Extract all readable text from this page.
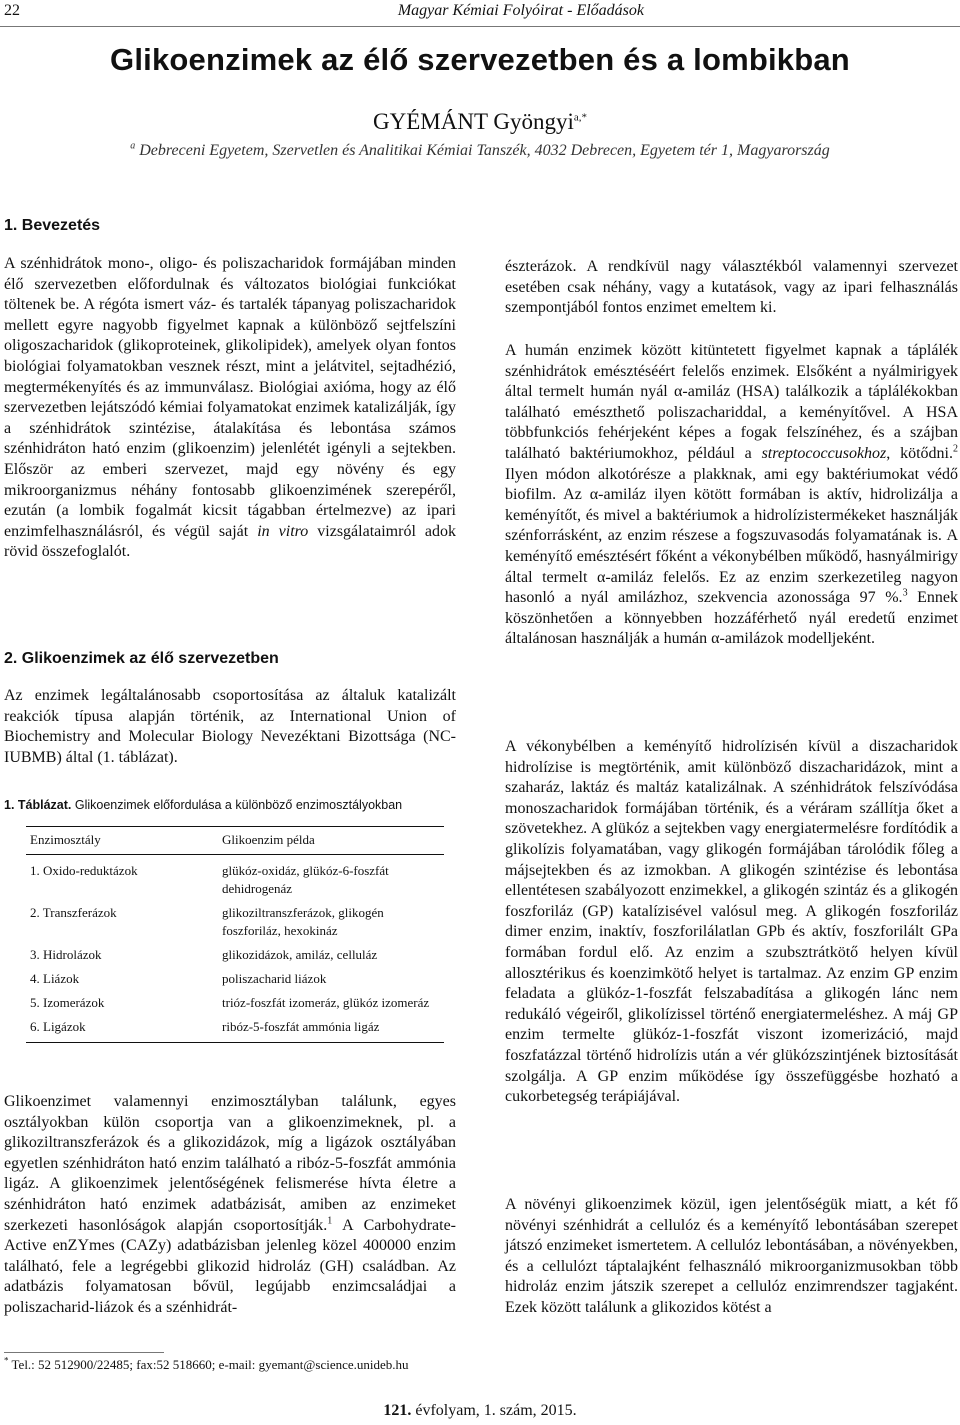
22	Magyar Kémiai Folyóirat - Előadások
Glikoenzimek az élő szervezetben és a lombikban
GYÉMÁNT Gyöngyi$^{a,*}$
$^a$ Debreceni Egyetem, Szervetlen és Analitikai Kémiai Tanszék, 4032 Debrecen, Egyetem tér 1, Magyarország
1. Bevezetés

A szénhidrátok mono-, oligo- és poliszacharidok formájában minden élő szervezetben előfordulnak és változatos biológiai funkciókat töltenek be. A régóta ismert váz- és tartalék tápanyag poliszacharidok mellett egyre nagyobb figyelmet kapnak a különböző sejtfelszíni oligoszacharidok (glikoproteinek, glikolipidek), amelyek olyan fontos biológiai folyamatokban vesznek részt, mint a jelátvitel, sejtadhézió, megtermékenyítés és az immunválasz. Biológiai axióma, hogy az élő szervezetben lejátszódó kémiai folyamatokat enzimek katalizálják, így a szénhidrátok szintézise, átalakítása és lebontása számos szénhidráton ható enzim (glikoenzim) jelenlétét igényli a sejtekben. Először az emberi szervezet, majd egy növény és egy mikroorganizmus néhány fontosabb glikoenzimének szerepéről, ezután (a lombik fogalmát kicsit tágabban értelmezve) az ipari enzimfelhasználásról, és végül saját in vitro vizsgálataimról adok rövid összefoglalót.

2. Glikoenzimek az élő szervezetben

Az enzimek legáltalánosabb csoportosítása az általuk katalizált reakciók típusa alapján történik, az International Union of Biochemistry and Molecular Biology Nevezéktani Bizottsága (NC-IUBMB) által (1. táblázat).

1. Táblázat. Glikoenzimek előfordulása a különböző enzimosztályokban
Enzimosztály	Glikoenzim példa
1. Oxido-reduktázok	glükóz-oxidáz, glükóz-6-foszfát dehidrogenáz
2. Transzferázok	glikoziltranszferázok, glikogén foszforiláz, hexokináz
3. Hidrolázok	glikozidázok, amiláz, celluláz
4. Liázok	poliszacharid liázok
5. Izomerázok	trióz-foszfát izomeráz, glükóz izomeráz
6. Ligázok	ribóz-5-foszfát ammónia ligáz

Glikoenzimet valamennyi enzimosztályban találunk, egyes osztályokban külön csoportja van a glikoenzimeknek, pl. a glikoziltranszferázok és a glikozidázok, míg a ligázok osztályában egyetlen szénhidráton ható enzim található a ribóz-5-foszfát ammónia ligáz. A glikoenzimek jelentőségének felismerése hívta életre a szénhidráton ható enzimek adatbázisát, amiben az enzimeket szerkezeti hasonlóságok alapján csoportosítják.$^1$ A Carbohydrate-Active enZYmes (CAZy) adatbázisban jelenleg közel 400000 enzim található, fele a legrégebbi glikozid hidroláz (GH) családban. Az adatbázis folyamatosan bővül, legújabb enzimcsaládjai a poliszacharid-liázok és a szénhidrát-

észterázok. A rendkívül nagy választékból valamennyi szervezet esetében csak néhány, vagy a kutatások, vagy az ipari felhasználás szempontjából fontos enzimet emeltem ki.

A humán enzimek között kitüntetett figyelmet kapnak a táplálék szénhidrátok emésztéséért felelős enzimek. Elsőként a nyálmirigyek által termelt humán nyál α-amiláz (HSA) találkozik a táplálékokban található emészthető poliszachariddal, a keményítővel. A HSA többfunkciós fehérjeként képes a fogak felszínéhez, és a szájban található baktériumokhoz, például a streptococcusokhoz, kötődni.$^2$ Ilyen módon alkotórésze a plakknak, ami egy baktériumokat védő biofilm. Az α-amiláz ilyen kötött formában is aktív, hidrolizálja a keményítőt, és mivel a baktériumok a hidrolízistermékeket használják szénforrásként, az enzim részese a fogszuvasodás folyamatának is. A keményítő emésztésért főként a vékonybélben működő, hasnyálmirigy által termelt α-amiláz felelős. Ez az enzim szerkezetileg nagyon hasonló a nyál amilázhoz, szekvencia azonossága 97 %.$^3$ Ennek köszönhetően a könnyebben hozzáférhető nyál eredetű enzimet általánosan használják a humán α-amilázok modelljeként.

A vékonybélben a keményítő hidrolízisén kívül a diszacharidok hidrolízise is megtörténik, amit különböző diszacharidázok, mint a szaharáz, laktáz és maltáz katalizálnak. A szénhidrátok felszívódása monoszacharidok formájában történik, és a véráram szállítja őket a szövetekhez. A glükóz a sejtekben vagy energiatermelésre fordítódik a glikolízis folyamatában, vagy glikogén formájában tárolódik főleg a májsejtekben és az izmokban. A glikogén szintézise és lebontása ellentétesen szabályozott enzimekkel, a glikogén szintáz és a glikogén foszforiláz (GP) katalízisével valósul meg. A glikogén foszforiláz dimer enzim, inaktív, foszforilálatlan GPb és aktív, foszforilált GPa formában fordul elő. Az enzim a szubsztrátkötő helyen kívül allosztérikus és koenzimkötő helyet is tartalmaz. Az enzim GP enzim feladata a glükóz-1-foszfát felszabadítása a glikogén lánc nem redukáló végeiről, glikolízissel történő energiatermeléshez. A máj GP enzim termelte glükóz-1-foszfát viszont izomerizáció, majd foszfatázzal történő hidrolízis után a vér glükózszintjének biztosítását szolgálja. A GP enzim működése így összefüggésbe hozható a cukorbetegség terápiájával.

A növényi glikoenzimek közül, igen jelentőségük miatt, a két fő növényi szénhidrát a cellulóz és a keményítő lebontásában szerepet játszó enzimeket ismertetem. A cellulóz lebontásában, a növényekben, és a cellulózt táptalajként felhasználó mikroorganizmusokban több hidroláz enzim játszik szerepet a cellulóz enzimrendszer tagjaként. Ezek között találunk a glikozidos kötést a

* Tel.: 52 512900/22485; fax:52 518660; e-mail: gyemant@science.unideb.hu
121. évfolyam, 1. szám, 2015.
